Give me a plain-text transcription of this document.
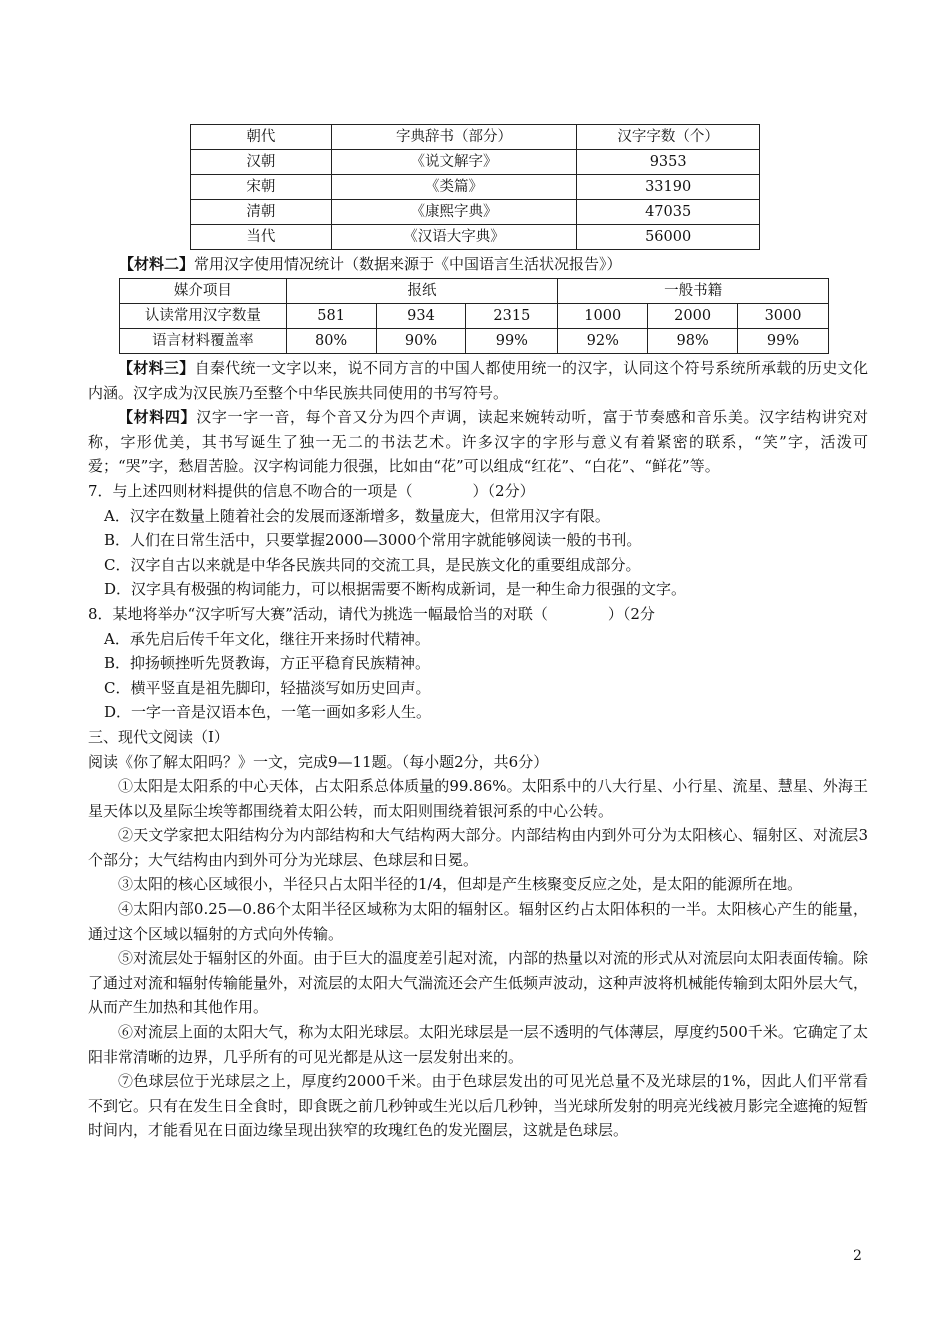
朝代	字典辞书（部分）	汉字字数（个）
汉朝	《说文解字》	9353
宋朝	《类篇》	33190
清朝	《康熙字典》	47035
当代	《汉语大字典》	56000
【材料二】常用汉字使用情况统计（数据来源于《中国语言生活状况报告》）
媒介项目	报纸			一般书籍		
认读常用汉字数量	581	934	2315	1000	2000	3000
语言材料覆盖率	80%	90%	99%	92%	98%	99%

【材料三】自秦代统一文字以来，说不同方言的中国人都使用统一的汉字，认同这个符号系统所承载的历史文化内涵。汉字成为汉民族乃至整个中华民族共同使用的书写符号。

【材料四】汉字一字一音，每个音又分为四个声调，读起来婉转动听，富于节奏感和音乐美。汉字结构讲究对称，字形优美，其书写诞生了独一无二的书法艺术。许多汉字的字形与意义有着紧密的联系，“笑”字，活泼可爱；“哭”字，愁眉苦脸。汉字构词能力很强，比如由“花”可以组成“红花”、“白花”、“鲜花”等。

7．与上述四则材料提供的信息不吻合的一项是（　　　　）（2分）

A．汉字在数量上随着社会的发展而逐渐增多，数量庞大，但常用汉字有限。

B．人们在日常生活中，只要掌握2000—3000个常用字就能够阅读一般的书刊。

C．汉字自古以来就是中华各民族共同的交流工具，是民族文化的重要组成部分。

D．汉字具有极强的构词能力，可以根据需要不断构成新词，是一种生命力很强的文字。

8．某地将举办“汉字听写大赛”活动，请代为挑选一幅最恰当的对联（　　　　）（2分

A．承先启后传千年文化，继往开来扬时代精神。

B．抑扬顿挫听先贤教诲，方正平稳育民族精神。

C．横平竖直是祖先脚印，轻描淡写如历史回声。

D．一字一音是汉语本色，一笔一画如多彩人生。

三、现代文阅读（Ⅰ）

阅读《你了解太阳吗？》一文，完成9—11题。（每小题2分，共6分）

①太阳是太阳系的中心天体，占太阳系总体质量的99.86%。太阳系中的八大行星、小行星、流星、慧星、外海王星天体以及星际尘埃等都围绕着太阳公转，而太阳则围绕着银河系的中心公转。

②天文学家把太阳结构分为内部结构和大气结构两大部分。内部结构由内到外可分为太阳核心、辐射区、对流层3个部分；大气结构由内到外可分为光球层、色球层和日冕。

③太阳的核心区域很小，半径只占太阳半径的1/4，但却是产生核聚变反应之处，是太阳的能源所在地。

④太阳内部0.25—0.86个太阳半径区域称为太阳的辐射区。辐射区约占太阳体积的一半。太阳核心产生的能量，通过这个区域以辐射的方式向外传输。

⑤对流层处于辐射区的外面。由于巨大的温度差引起对流，内部的热量以对流的形式从对流层向太阳表面传输。除了通过对流和辐射传输能量外，对流层的太阳大气湍流还会产生低频声波动，这种声波将机械能传输到太阳外层大气，从而产生加热和其他作用。

⑥对流层上面的太阳大气，称为太阳光球层。太阳光球层是一层不透明的气体薄层，厚度约500千米。它确定了太阳非常清晰的边界，几乎所有的可见光都是从这一层发射出来的。

⑦色球层位于光球层之上，厚度约2000千米。由于色球层发出的可见光总量不及光球层的1%，因此人们平常看不到它。只有在发生日全食时，即食既之前几秒钟或生光以后几秒钟，当光球所发射的明亮光线被月影完全遮掩的短暂时间内，才能看见在日面边缘呈现出狭窄的玫瑰红色的发光圈层，这就是色球层。

2
